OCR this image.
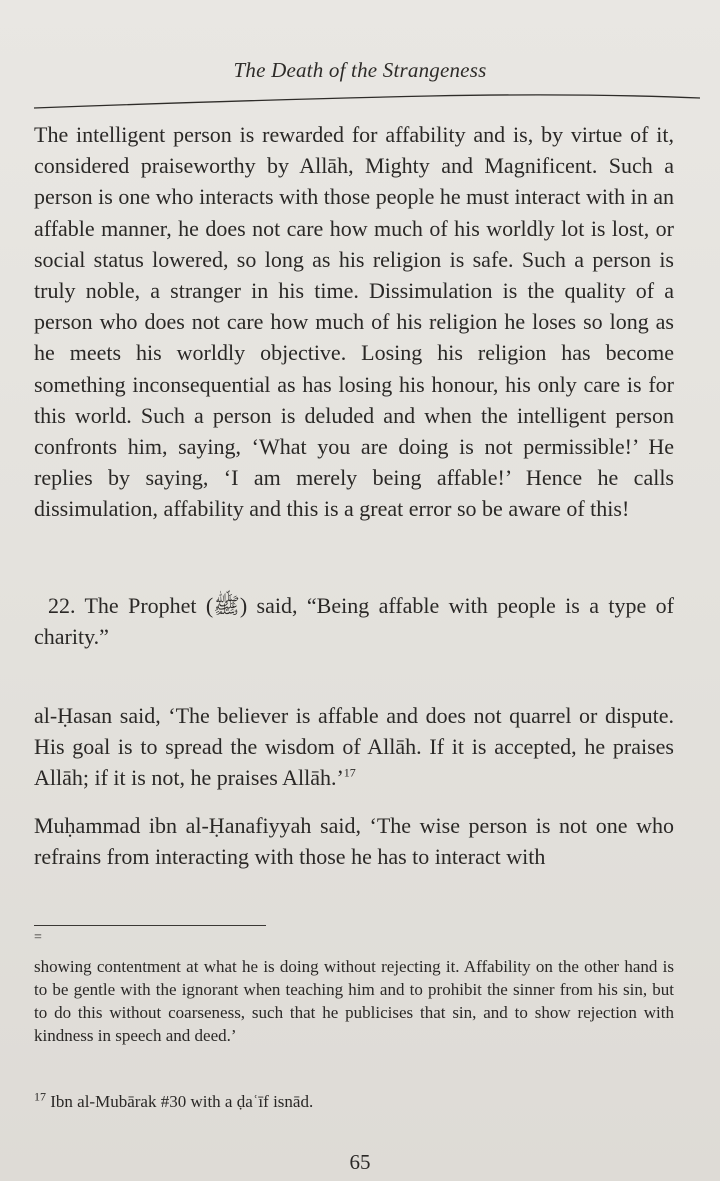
The Death of the Strangeness
The intelligent person is rewarded for affability and is, by virtue of it, considered praiseworthy by Allāh, Mighty and Magnificent. Such a person is one who interacts with those people he must interact with in an affable manner, he does not care how much of his worldly lot is lost, or social status lowered, so long as his religion is safe. Such a person is truly noble, a stranger in his time. Dissimulation is the quality of a person who does not care how much of his religion he loses so long as he meets his worldly objective. Losing his religion has become something inconsequential as has losing his honour, his only care is for this world. Such a person is deluded and when the intelligent person confronts him, saying, ‘What you are doing is not permissible!’ He replies by saying, ‘I am merely being affable!’ Hence he calls dissimulation, affability and this is a great error so be aware of this!
22. The Prophet (ﷺ) said, “Being affable with people is a type of charity.”
al-Ḥasan said, ‘The believer is affable and does not quarrel or dispute. His goal is to spread the wisdom of Allāh. If it is accepted, he praises Allāh; if it is not, he praises Allāh.’$^{17}$
Muḥammad ibn al-Ḥanafiyyah said, ‘The wise person is not one who refrains from interacting with those he has to interact with
=
showing contentment at what he is doing without rejecting it. Affability on the other hand is to be gentle with the ignorant when teaching him and to prohibit the sinner from his sin, but to do this without coarseness, such that he publicises that sin, and to show rejection with kindness in speech and deed.’
$^{17}$ Ibn al-Mubārak #30 with a ḍaʿīf isnād.
65
